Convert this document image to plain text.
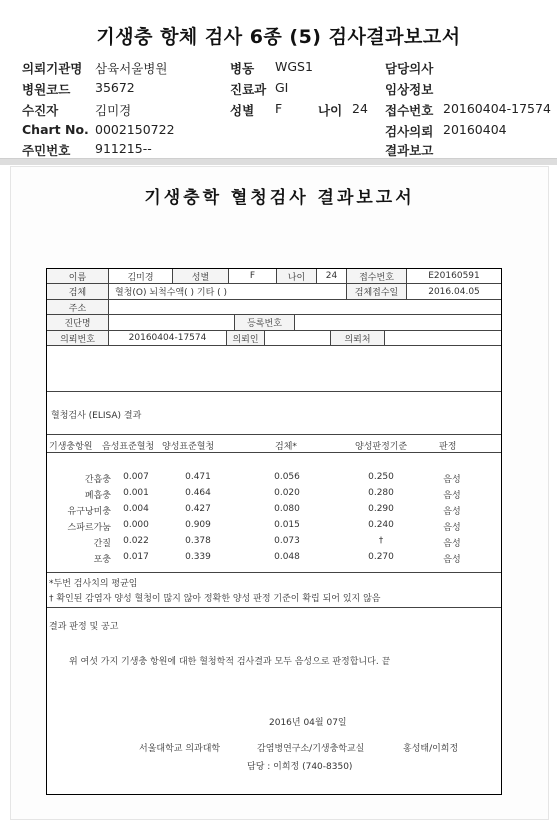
기생충 항체 검사 6종 (5) 검사결과보고서
의뢰기관명 삼육서울병원	병동 WGS1	담당의사
병원코드 35672	진료과 GI	임상정보
수진자	김미경	성별 F	나이 24 접수번호 20160404-17574
Chart No. 0002150722	검사의뢰 20160404
주민번호 911215--	결과보고
기생충학 혈청검사 결과보고서
이름	김미경	성별	F	나이	24	접수번호	E20160591
검체	혈청(O) 뇌척수액( ) 기타 ( )	검체접수일	2016.04.05
주소
진단명	등록번호
의뢰번호	20160404-17574	의뢰인	의뢰처
혈청검사 (ELISA) 결과
기생충항원 음성표준혈청 양성표준혈청	검체*	양성판정기준	판정
간흡충	0.007	0.471	0.056	0.250	음성
폐흡충	0.001	0.464	0.020	0.280	음성
유구낭미충	0.004	0.427	0.080	0.290	음성
스파르가눔	0.000	0.909	0.015	0.240	음성
간질	0.022	0.378	0.073	†	음성
포충	0.017	0.339	0.048	0.270	음성
*두번 검사치의 평균임
† 확인된 감염자 양성 혈청이 많지 않아 정확한 양성 판정 기준이 확립 되어 있지 않음
결과 판정 및 공고
위 여섯 가지 기생충 항원에 대한 혈청학적 검사결과 모두 음성으로 판정합니다. 끝
2016년 04월 07일
서울대학교 의과대학	감염병연구소/기생충학교실	홍성태/이희정
담당 : 이희정 (740-8350)
